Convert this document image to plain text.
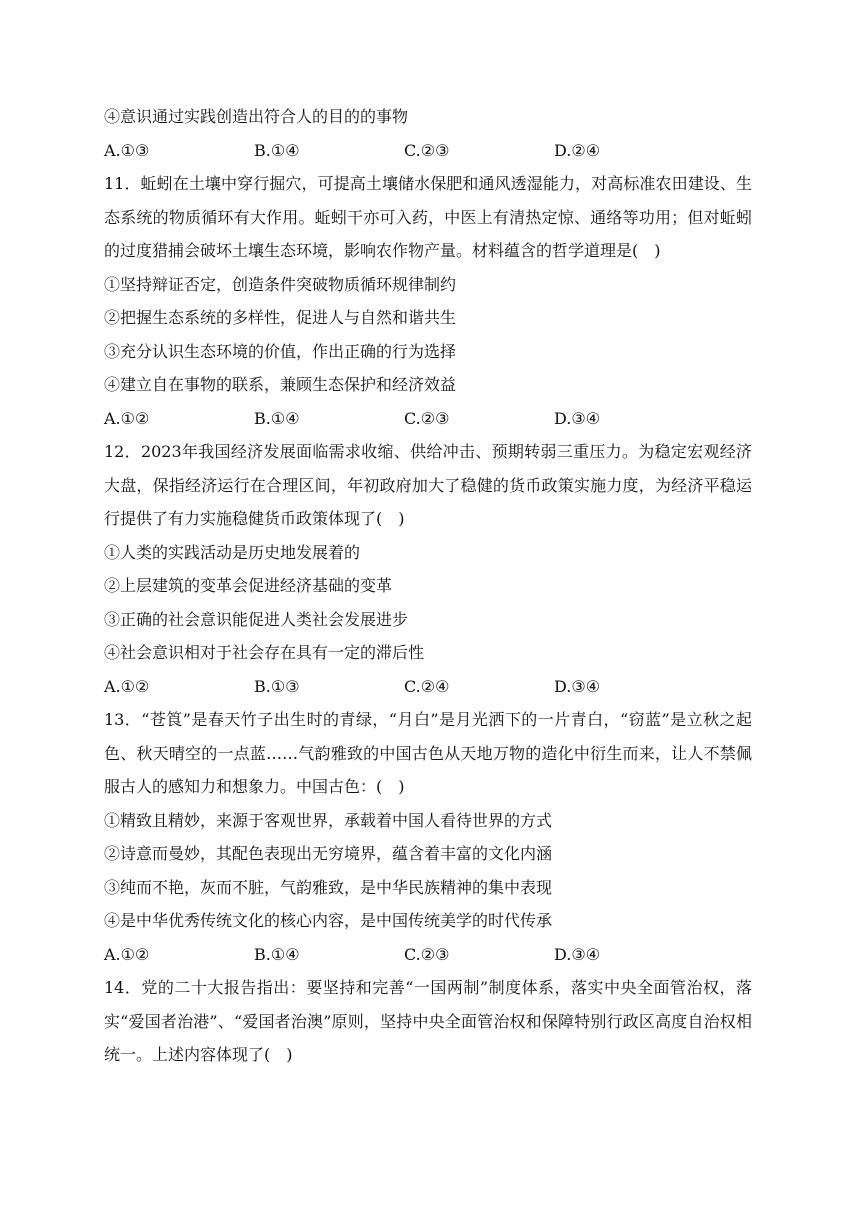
④意识通过实践创造出符合人的目的的事物
A.①③	B.①④	C.②③	D.②④
11．蚯蚓在土壤中穿行掘穴，可提高土壤储水保肥和通风透湿能力，对高标准农田建设、生态系统的物质循环有大作用。蚯蚓干亦可入药，中医上有清热定惊、通络等功用；但对蚯蚓的过度猎捕会破坏土壤生态环境，影响农作物产量。材料蕴含的哲学道理是(　)
①坚持辩证否定，创造条件突破物质循环规律制约
②把握生态系统的多样性，促进人与自然和谐共生
③充分认识生态环境的价值，作出正确的行为选择
④建立自在事物的联系，兼顾生态保护和经济效益
A.①②	B.①④	C.②③	D.③④
12．2023年我国经济发展面临需求收缩、供给冲击、预期转弱三重压力。为稳定宏观经济大盘，保指经济运行在合理区间，年初政府加大了稳健的货币政策实施力度，为经济平稳运行提供了有力实施稳健货币政策体现了(　)
①人类的实践活动是历史地发展着的
②上层建筑的变革会促进经济基础的变革
③正确的社会意识能促进人类社会发展进步
④社会意识相对于社会存在具有一定的滞后性
A.①②	B.①③	C.②④	D.③④
13．“苍筤”是春天竹子出生时的青绿，“月白”是月光洒下的一片青白，“窃蓝”是立秋之起色、秋天晴空的一点蓝……气韵雅致的中国古色从天地万物的造化中衍生而来，让人不禁佩服古人的感知力和想象力。中国古色：(　)
①精致且精妙，来源于客观世界，承载着中国人看待世界的方式
②诗意而曼妙，其配色表现出无穷境界，蕴含着丰富的文化内涵
③纯而不艳，灰而不脏，气韵雅致，是中华民族精神的集中表现
④是中华优秀传统文化的核心内容，是中国传统美学的时代传承
A.①②	B.①④	C.②③	D.③④
14．党的二十大报告指出：要坚持和完善“一国两制”制度体系，落实中央全面管治权，落实“爱国者治港”、“爱国者治澳”原则，坚持中央全面管治权和保障特别行政区高度自治权相统一。上述内容体现了(　)
